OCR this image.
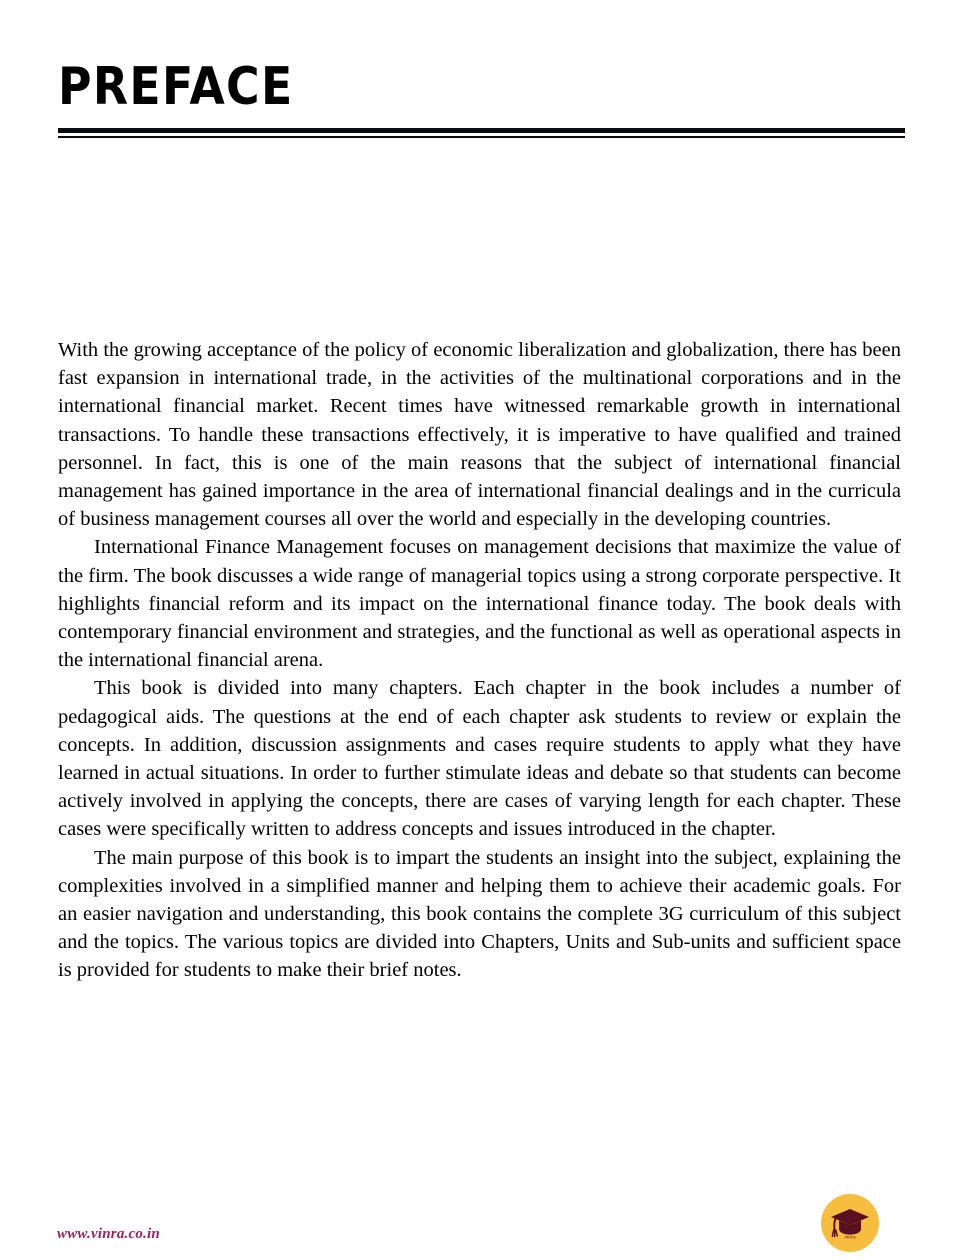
PREFACE

With the growing acceptance of the policy of economic liberalization and globalization, there has been fast expansion in international trade, in the activities of the multinational corporations and in the international financial market. Recent times have witnessed remarkable growth in international transactions. To handle these transactions effectively, it is imperative to have qualified and trained personnel. In fact, this is one of the main reasons that the subject of international financial management has gained importance in the area of international financial dealings and in the curricula of business management courses all over the world and especially in the developing countries.

International Finance Management focuses on management decisions that maximize the value of the firm. The book discusses a wide range of managerial topics using a strong corporate perspective. It highlights financial reform and its impact on the international finance today. The book deals with contemporary financial environment and strategies, and the functional as well as operational aspects in the international financial arena.

This book is divided into many chapters. Each chapter in the book includes a number of pedagogical aids. The questions at the end of each chapter ask students to review or explain the concepts. In addition, discussion assignments and cases require students to apply what they have learned in actual situations. In order to further stimulate ideas and debate so that students can become actively involved in applying the concepts, there are cases of varying length for each chapter. These cases were specifically written to address concepts and issues introduced in the chapter.

The main purpose of this book is to impart the students an insight into the subject, explaining the complexities involved in a simplified manner and helping them to achieve their academic goals. For an easier navigation and understanding, this book contains the complete 3G curriculum of this subject and the topics. The various topics are divided into Chapters, Units and Sub-units and sufficient space is provided for students to make their brief notes.

www.vinra.co.in	vinra
